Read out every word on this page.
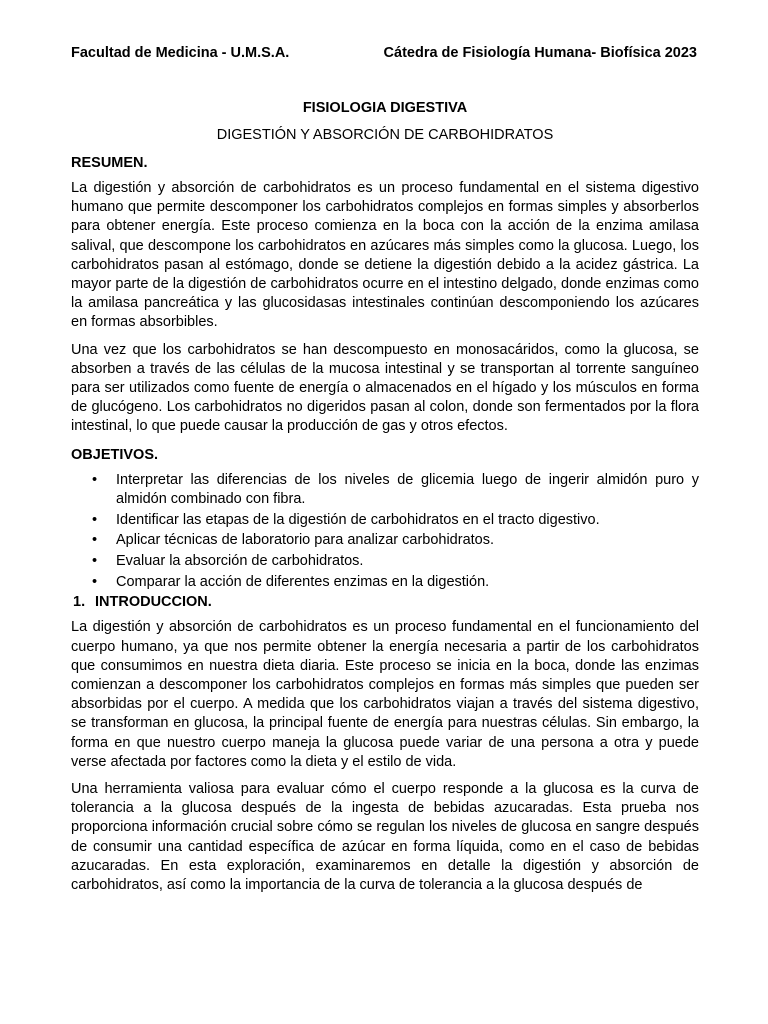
Facultad de Medicina - U.M.S.A.	Cátedra de Fisiología Humana- Biofísica 2023
FISIOLOGIA DIGESTIVA
DIGESTIÓN Y ABSORCIÓN DE CARBOHIDRATOS
RESUMEN.

La digestión y absorción de carbohidratos es un proceso fundamental en el sistema digestivo humano que permite descomponer los carbohidratos complejos en formas simples y absorberlos para obtener energía. Este proceso comienza en la boca con la acción de la enzima amilasa salival, que descompone los carbohidratos en azúcares más simples como la glucosa. Luego, los carbohidratos pasan al estómago, donde se detiene la digestión debido a la acidez gástrica. La mayor parte de la digestión de carbohidratos ocurre en el intestino delgado, donde enzimas como la amilasa pancreática y las glucosidasas intestinales continúan descomponiendo los azúcares en formas absorbibles.

Una vez que los carbohidratos se han descompuesto en monosacáridos, como la glucosa, se absorben a través de las células de la mucosa intestinal y se transportan al torrente sanguíneo para ser utilizados como fuente de energía o almacenados en el hígado y los músculos en forma de glucógeno. Los carbohidratos no digeridos pasan al colon, donde son fermentados por la flora intestinal, lo que puede causar la producción de gas y otros efectos.

OBJETIVOS.
• Interpretar las diferencias de los niveles de glicemia luego de ingerir almidón puro y almidón combinado con fibra.
• Identificar las etapas de la digestión de carbohidratos en el tracto digestivo.
• Aplicar técnicas de laboratorio para analizar carbohidratos.
• Evaluar la absorción de carbohidratos.
• Comparar la acción de diferentes enzimas en la digestión.
1. INTRODUCCION.

La digestión y absorción de carbohidratos es un proceso fundamental en el funcionamiento del cuerpo humano, ya que nos permite obtener la energía necesaria a partir de los carbohidratos que consumimos en nuestra dieta diaria. Este proceso se inicia en la boca, donde las enzimas comienzan a descomponer los carbohidratos complejos en formas más simples que pueden ser absorbidas por el cuerpo. A medida que los carbohidratos viajan a través del sistema digestivo, se transforman en glucosa, la principal fuente de energía para nuestras células. Sin embargo, la forma en que nuestro cuerpo maneja la glucosa puede variar de una persona a otra y puede verse afectada por factores como la dieta y el estilo de vida.

Una herramienta valiosa para evaluar cómo el cuerpo responde a la glucosa es la curva de tolerancia a la glucosa después de la ingesta de bebidas azucaradas. Esta prueba nos proporciona información crucial sobre cómo se regulan los niveles de glucosa en sangre después de consumir una cantidad específica de azúcar en forma líquida, como en el caso de bebidas azucaradas. En esta exploración, examinaremos en detalle la digestión y absorción de carbohidratos, así como la importancia de la curva de tolerancia a la glucosa después de
